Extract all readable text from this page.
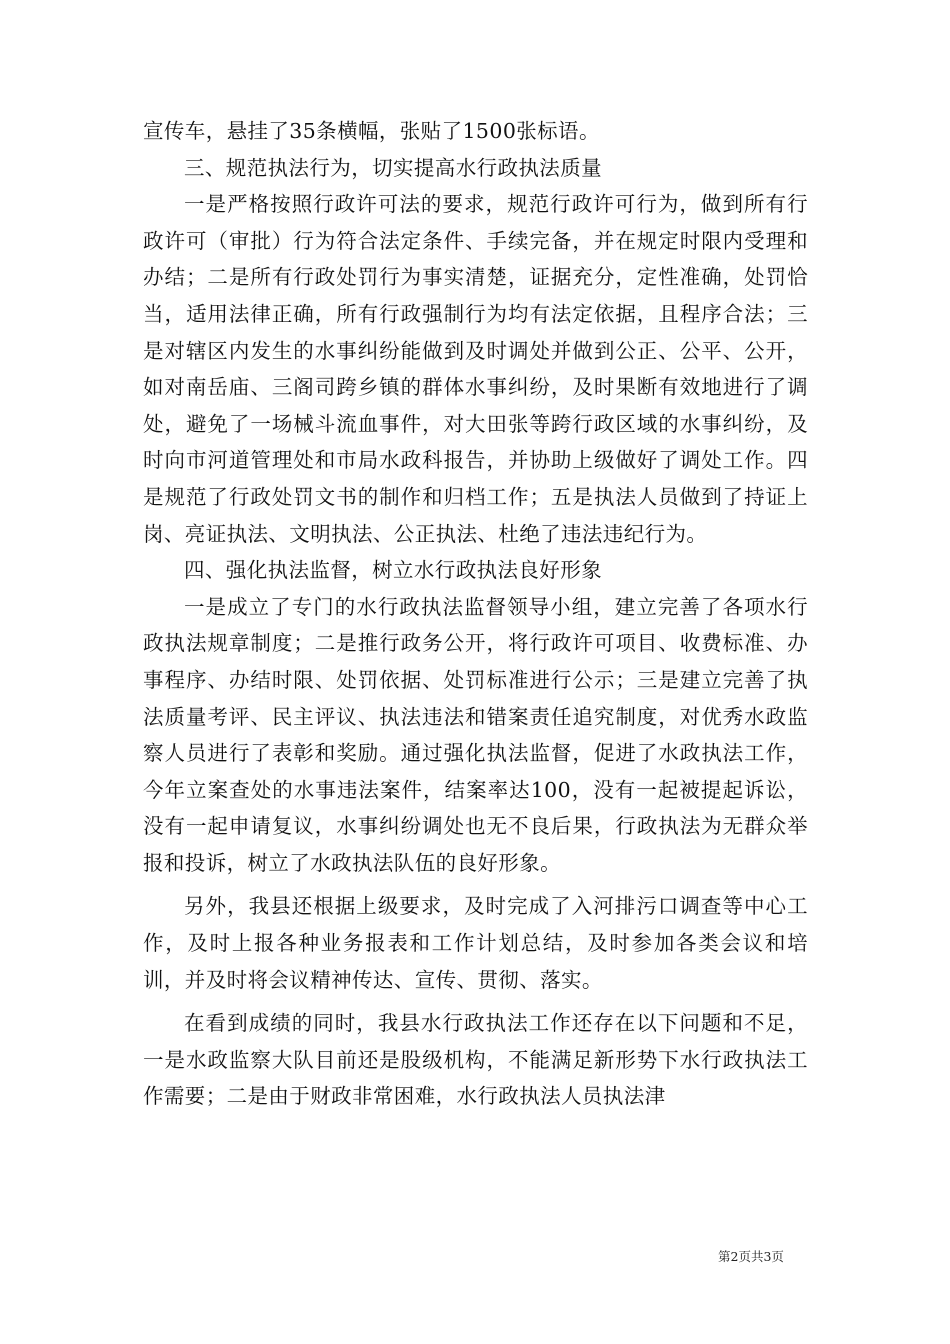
宣传车，悬挂了35条横幅，张贴了1500张标语。

三、规范执法行为，切实提高水行政执法质量

一是严格按照行政许可法的要求，规范行政许可行为，做到所有行政许可（审批）行为符合法定条件、手续完备，并在规定时限内受理和办结；二是所有行政处罚行为事实清楚，证据充分，定性准确，处罚恰当，适用法律正确，所有行政强制行为均有法定依据，且程序合法；三是对辖区内发生的水事纠纷能做到及时调处并做到公正、公平、公开，如对南岳庙、三阁司跨乡镇的群体水事纠纷，及时果断有效地进行了调处，避免了一场械斗流血事件，对大田张等跨行政区域的水事纠纷，及时向市河道管理处和市局水政科报告，并协助上级做好了调处工作。四是规范了行政处罚文书的制作和归档工作；五是执法人员做到了持证上岗、亮证执法、文明执法、公正执法、杜绝了违法违纪行为。

四、强化执法监督，树立水行政执法良好形象

一是成立了专门的水行政执法监督领导小组，建立完善了各项水行政执法规章制度；二是推行政务公开，将行政许可项目、收费标准、办事程序、办结时限、处罚依据、处罚标准进行公示；三是建立完善了执法质量考评、民主评议、执法违法和错案责任追究制度，对优秀水政监察人员进行了表彰和奖励。通过强化执法监督，促进了水政执法工作，今年立案查处的水事违法案件，结案率达100，没有一起被提起诉讼，没有一起申请复议，水事纠纷调处也无不良后果，行政执法为无群众举报和投诉，树立了水政执法队伍的良好形象。

另外，我县还根据上级要求，及时完成了入河排污口调查等中心工作，及时上报各种业务报表和工作计划总结，及时参加各类会议和培训，并及时将会议精神传达、宣传、贯彻、落实。

在看到成绩的同时，我县水行政执法工作还存在以下问题和不足，一是水政监察大队目前还是股级机构，不能满足新形势下水行政执法工作需要；二是由于财政非常困难，水行政执法人员执法津

第2页共3页
